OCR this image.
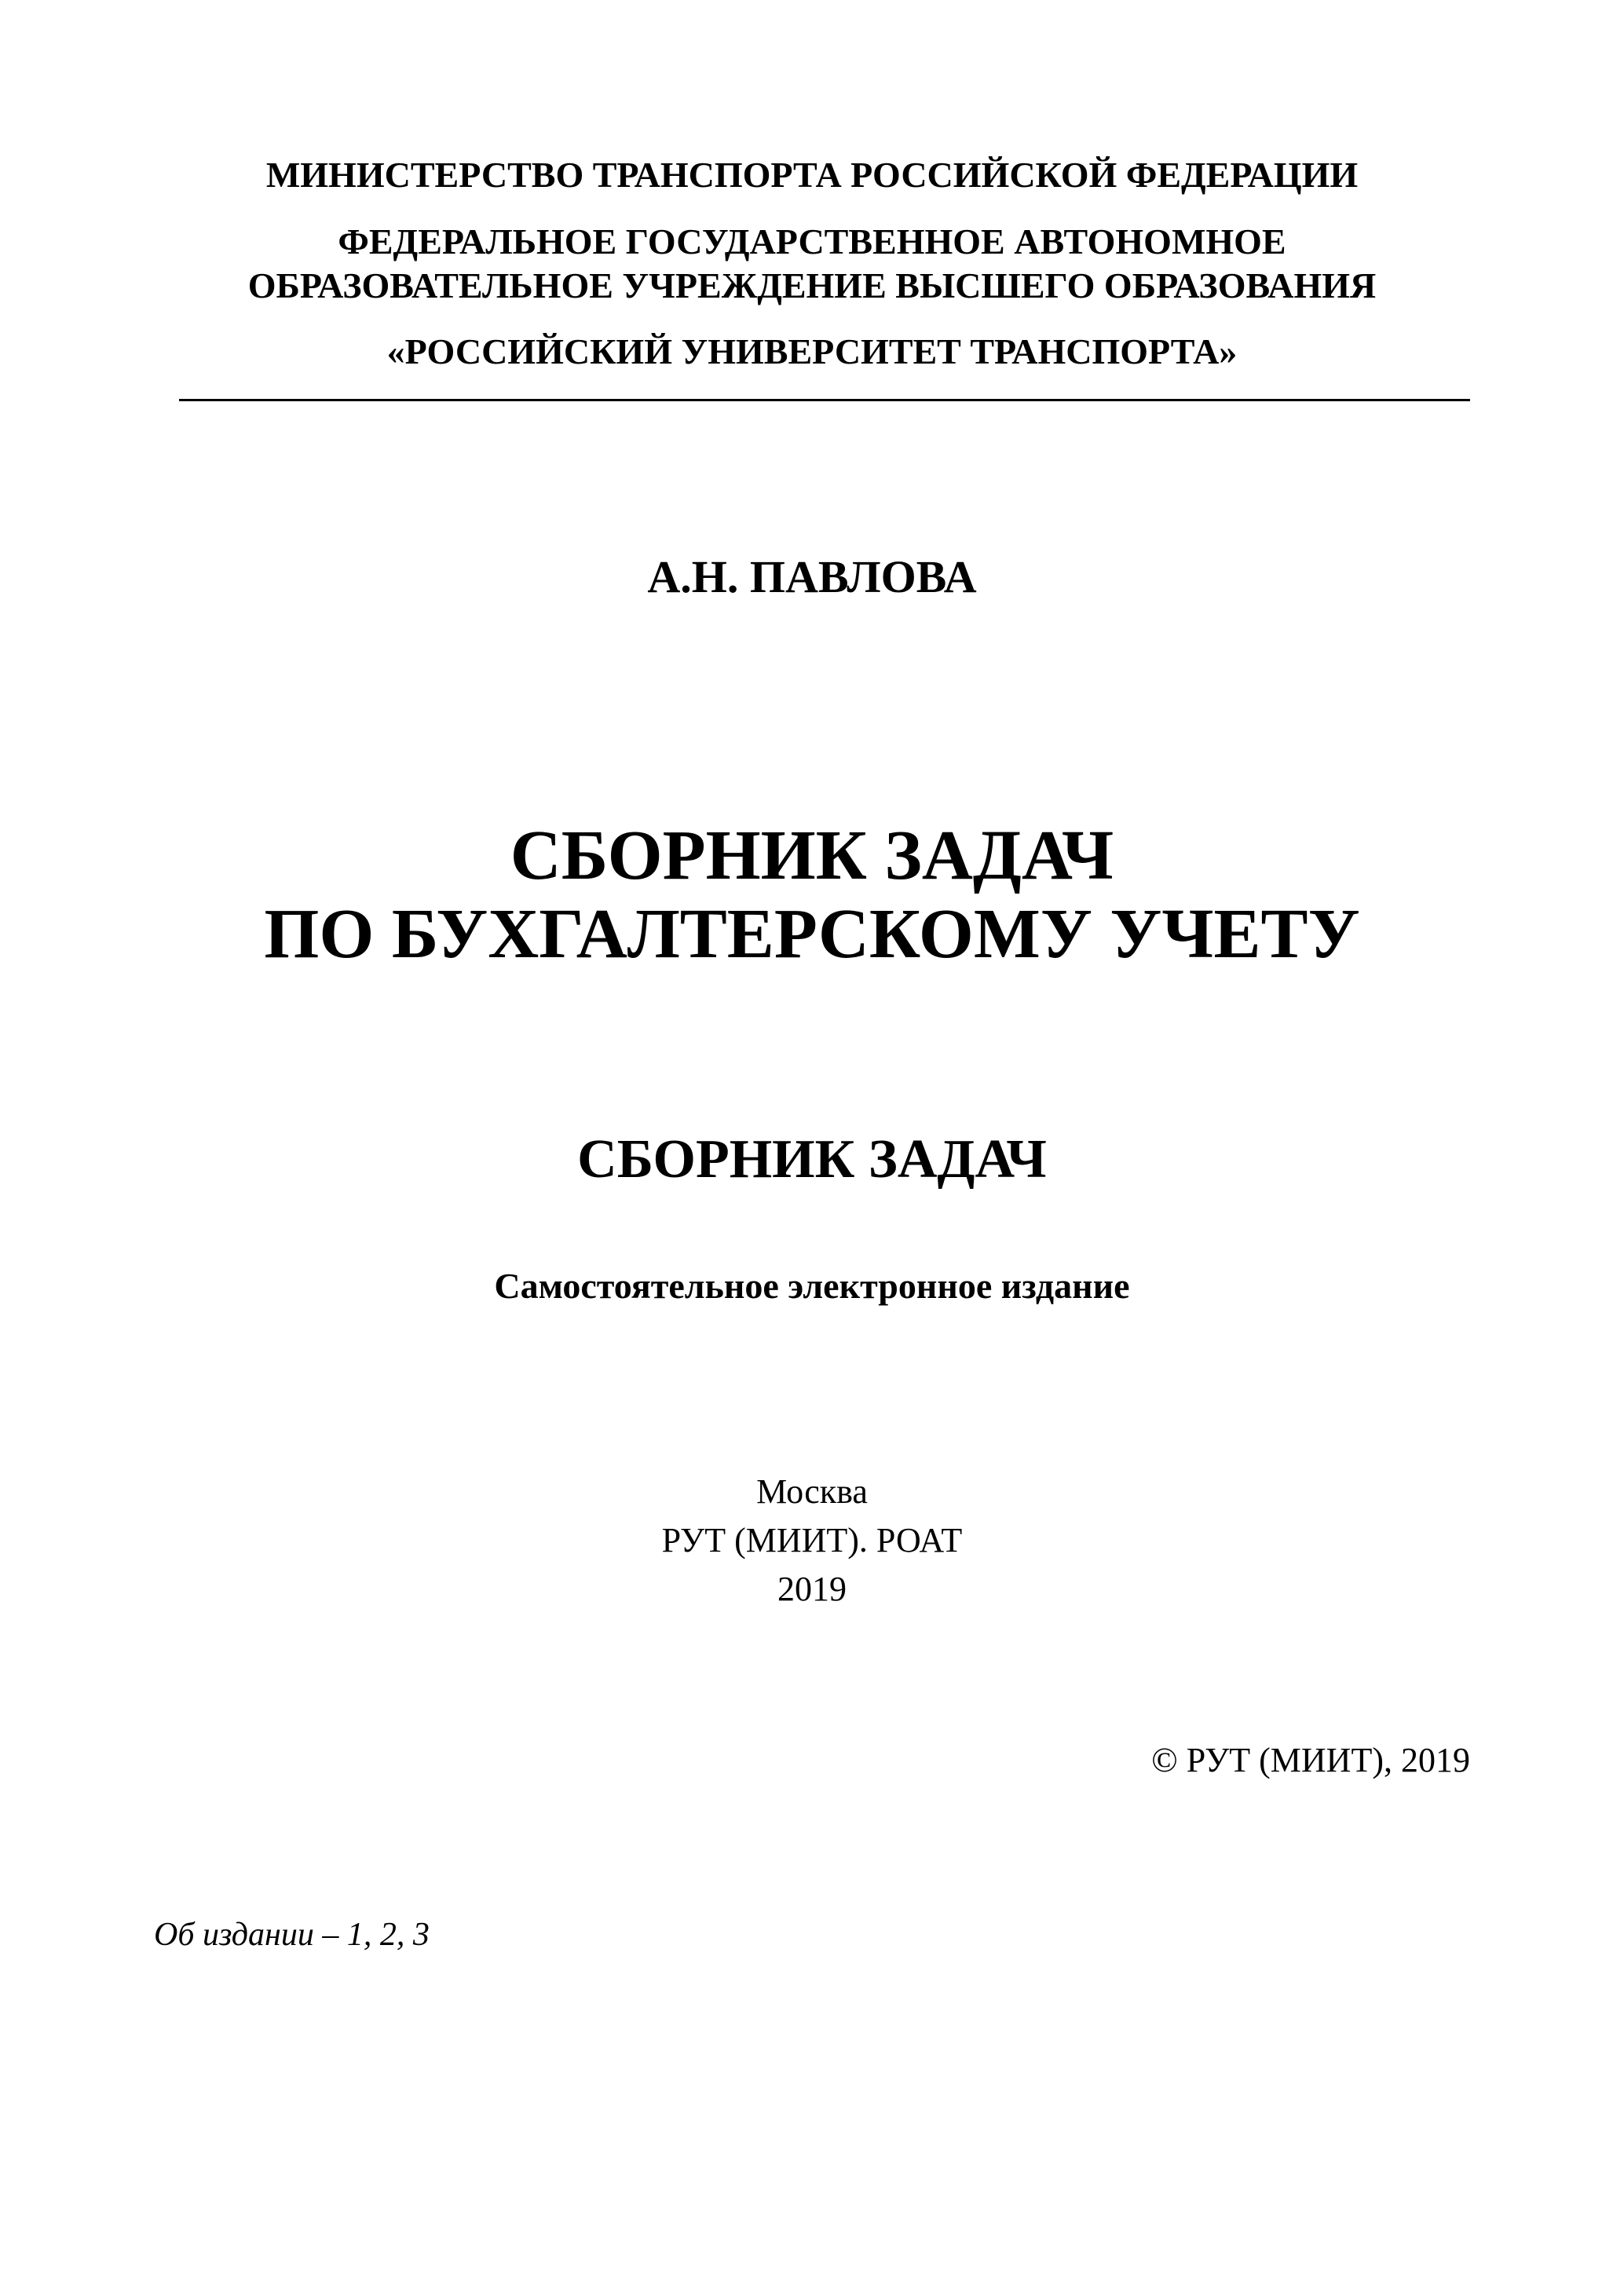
МИНИСТЕРСТВО ТРАНСПОРТА РОССИЙСКОЙ ФЕДЕРАЦИИ
ФЕДЕРАЛЬНОЕ ГОСУДАРСТВЕННОЕ АВТОНОМНОЕ
ОБРАЗОВАТЕЛЬНОЕ УЧРЕЖДЕНИЕ ВЫСШЕГО ОБРАЗОВАНИЯ
«РОССИЙСКИЙ УНИВЕРСИТЕТ ТРАНСПОРТА»
А.Н. ПАВЛОВА
СБОРНИК ЗАДАЧ
ПО БУХГАЛТЕРСКОМУ УЧЕТУ
СБОРНИК ЗАДАЧ
Самостоятельное электронное издание
Москва
РУТ (МИИТ). РОАТ
2019
© РУТ (МИИТ), 2019
Об издании – 1, 2, 3
